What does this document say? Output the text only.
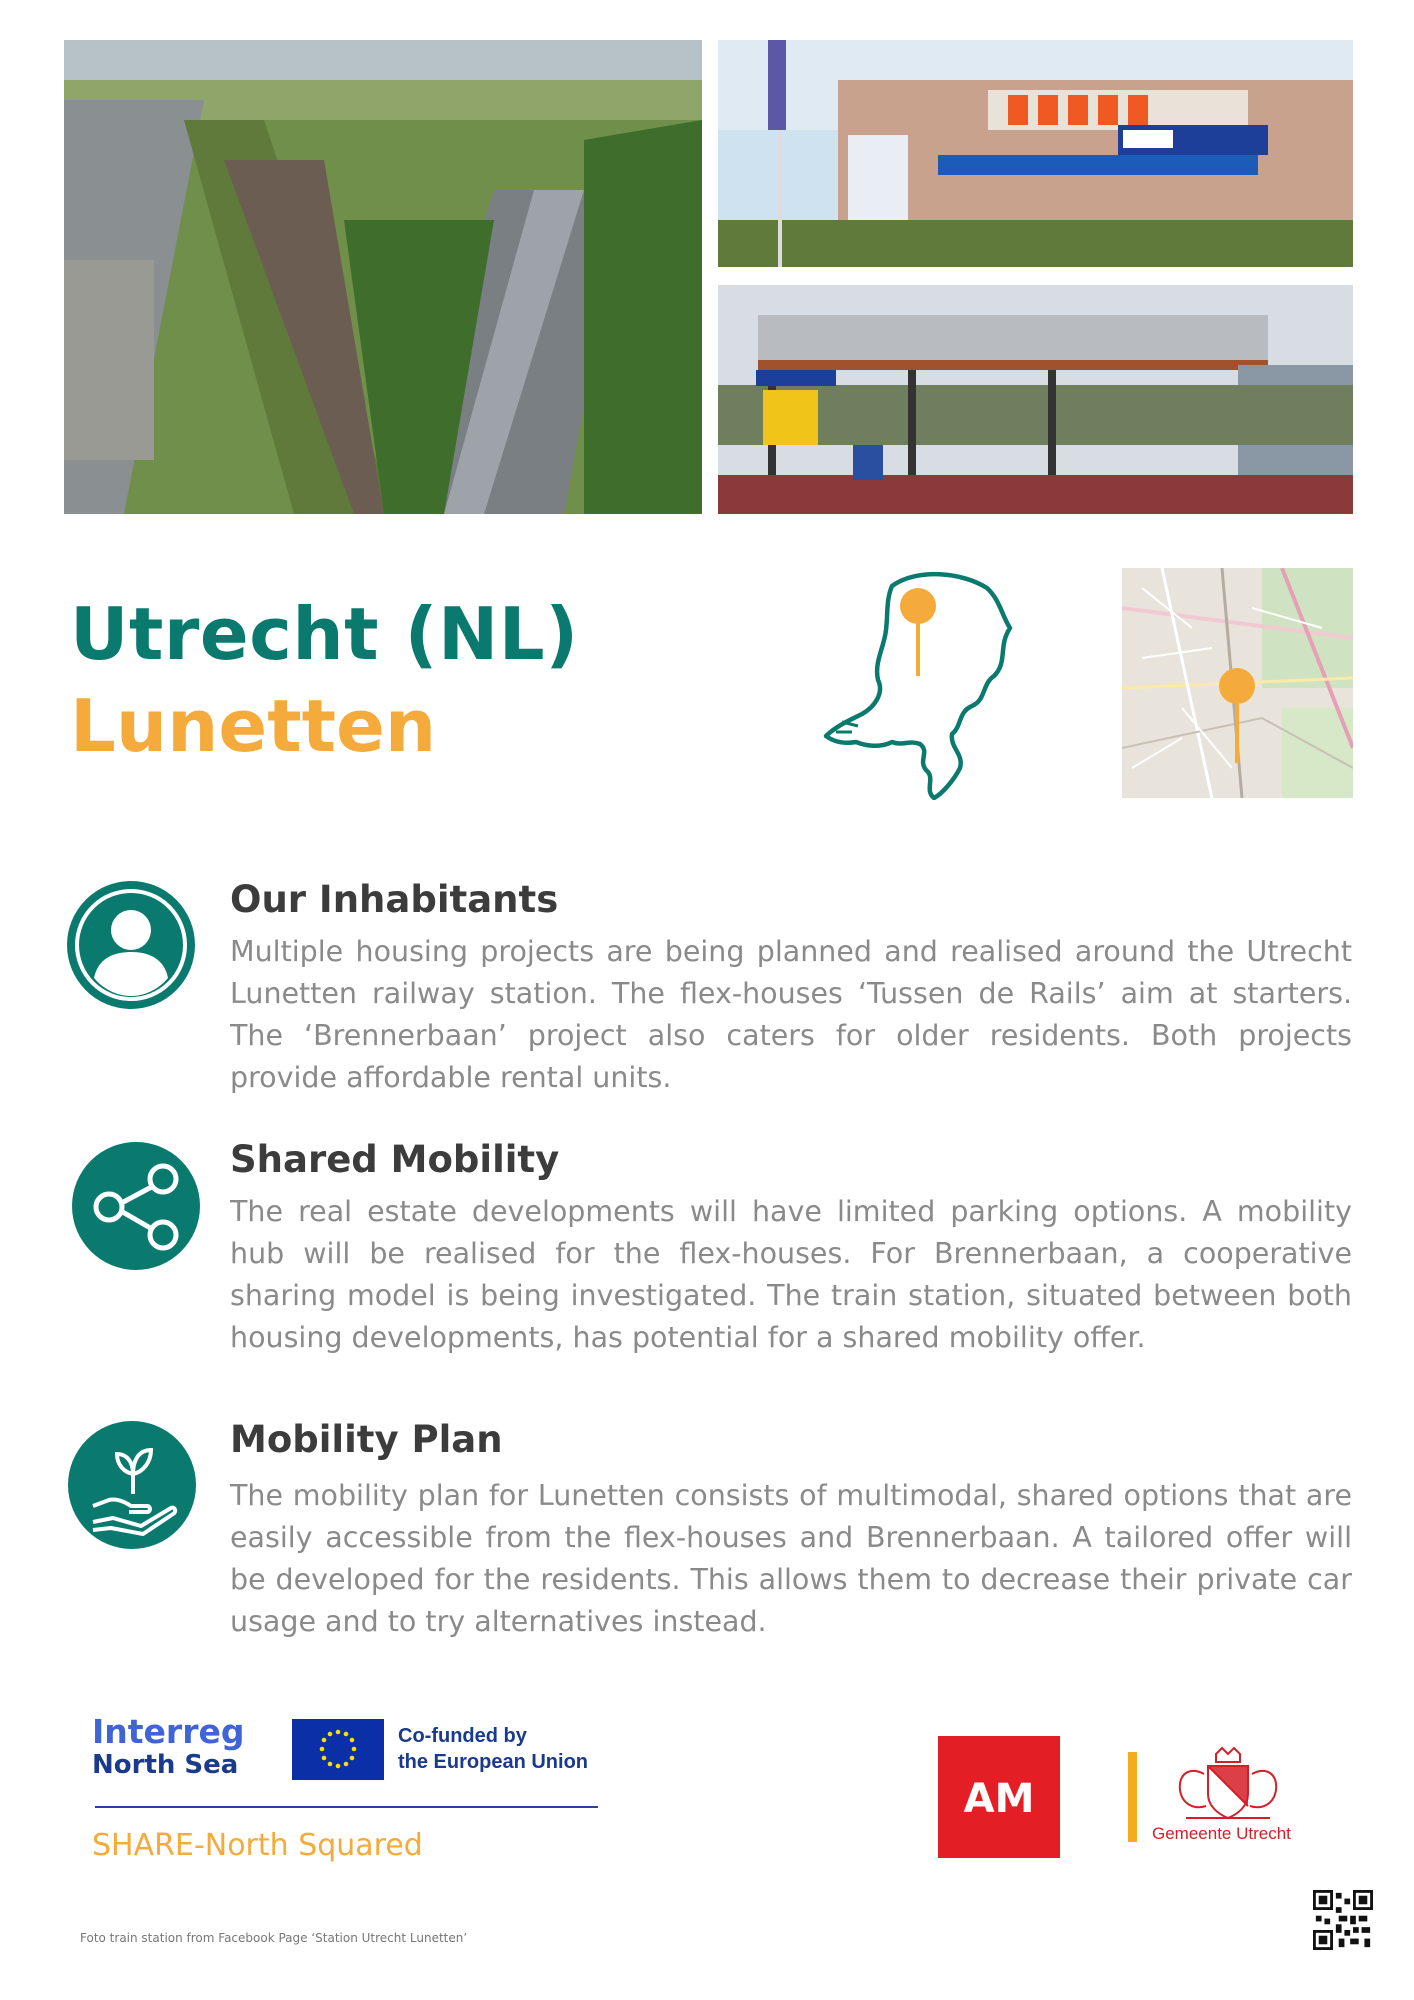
Utrecht (NL)
Lunetten
Our Inhabitants
Multiple housing projects are being planned and realised around the Utrecht Lunetten railway station. The flex-houses ‘Tussen de Rails’ aim at starters. The ‘Brennerbaan’ project also caters for older residents. Both projects provide affordable rental units.
Shared Mobility
The real estate developments will have limited parking options. A mobility hub will be realised for the flex-houses. For Brennerbaan, a cooperative sharing model is being investigated. The train station, situated between both housing developments, has potential for a shared mobility offer.
Mobility Plan
The mobility plan for Lunetten consists of multimodal, shared options that are easily accessible from the flex-houses and Brennerbaan. A tailored offer will be developed for the residents. This allows them to decrease their private car usage and to try alternatives instead.
Interreg
North Sea
Co-funded by
the European Union
SHARE-North Squared
AM
Gemeente Utrecht
Foto train station from Facebook Page ‘Station Utrecht Lunetten’
